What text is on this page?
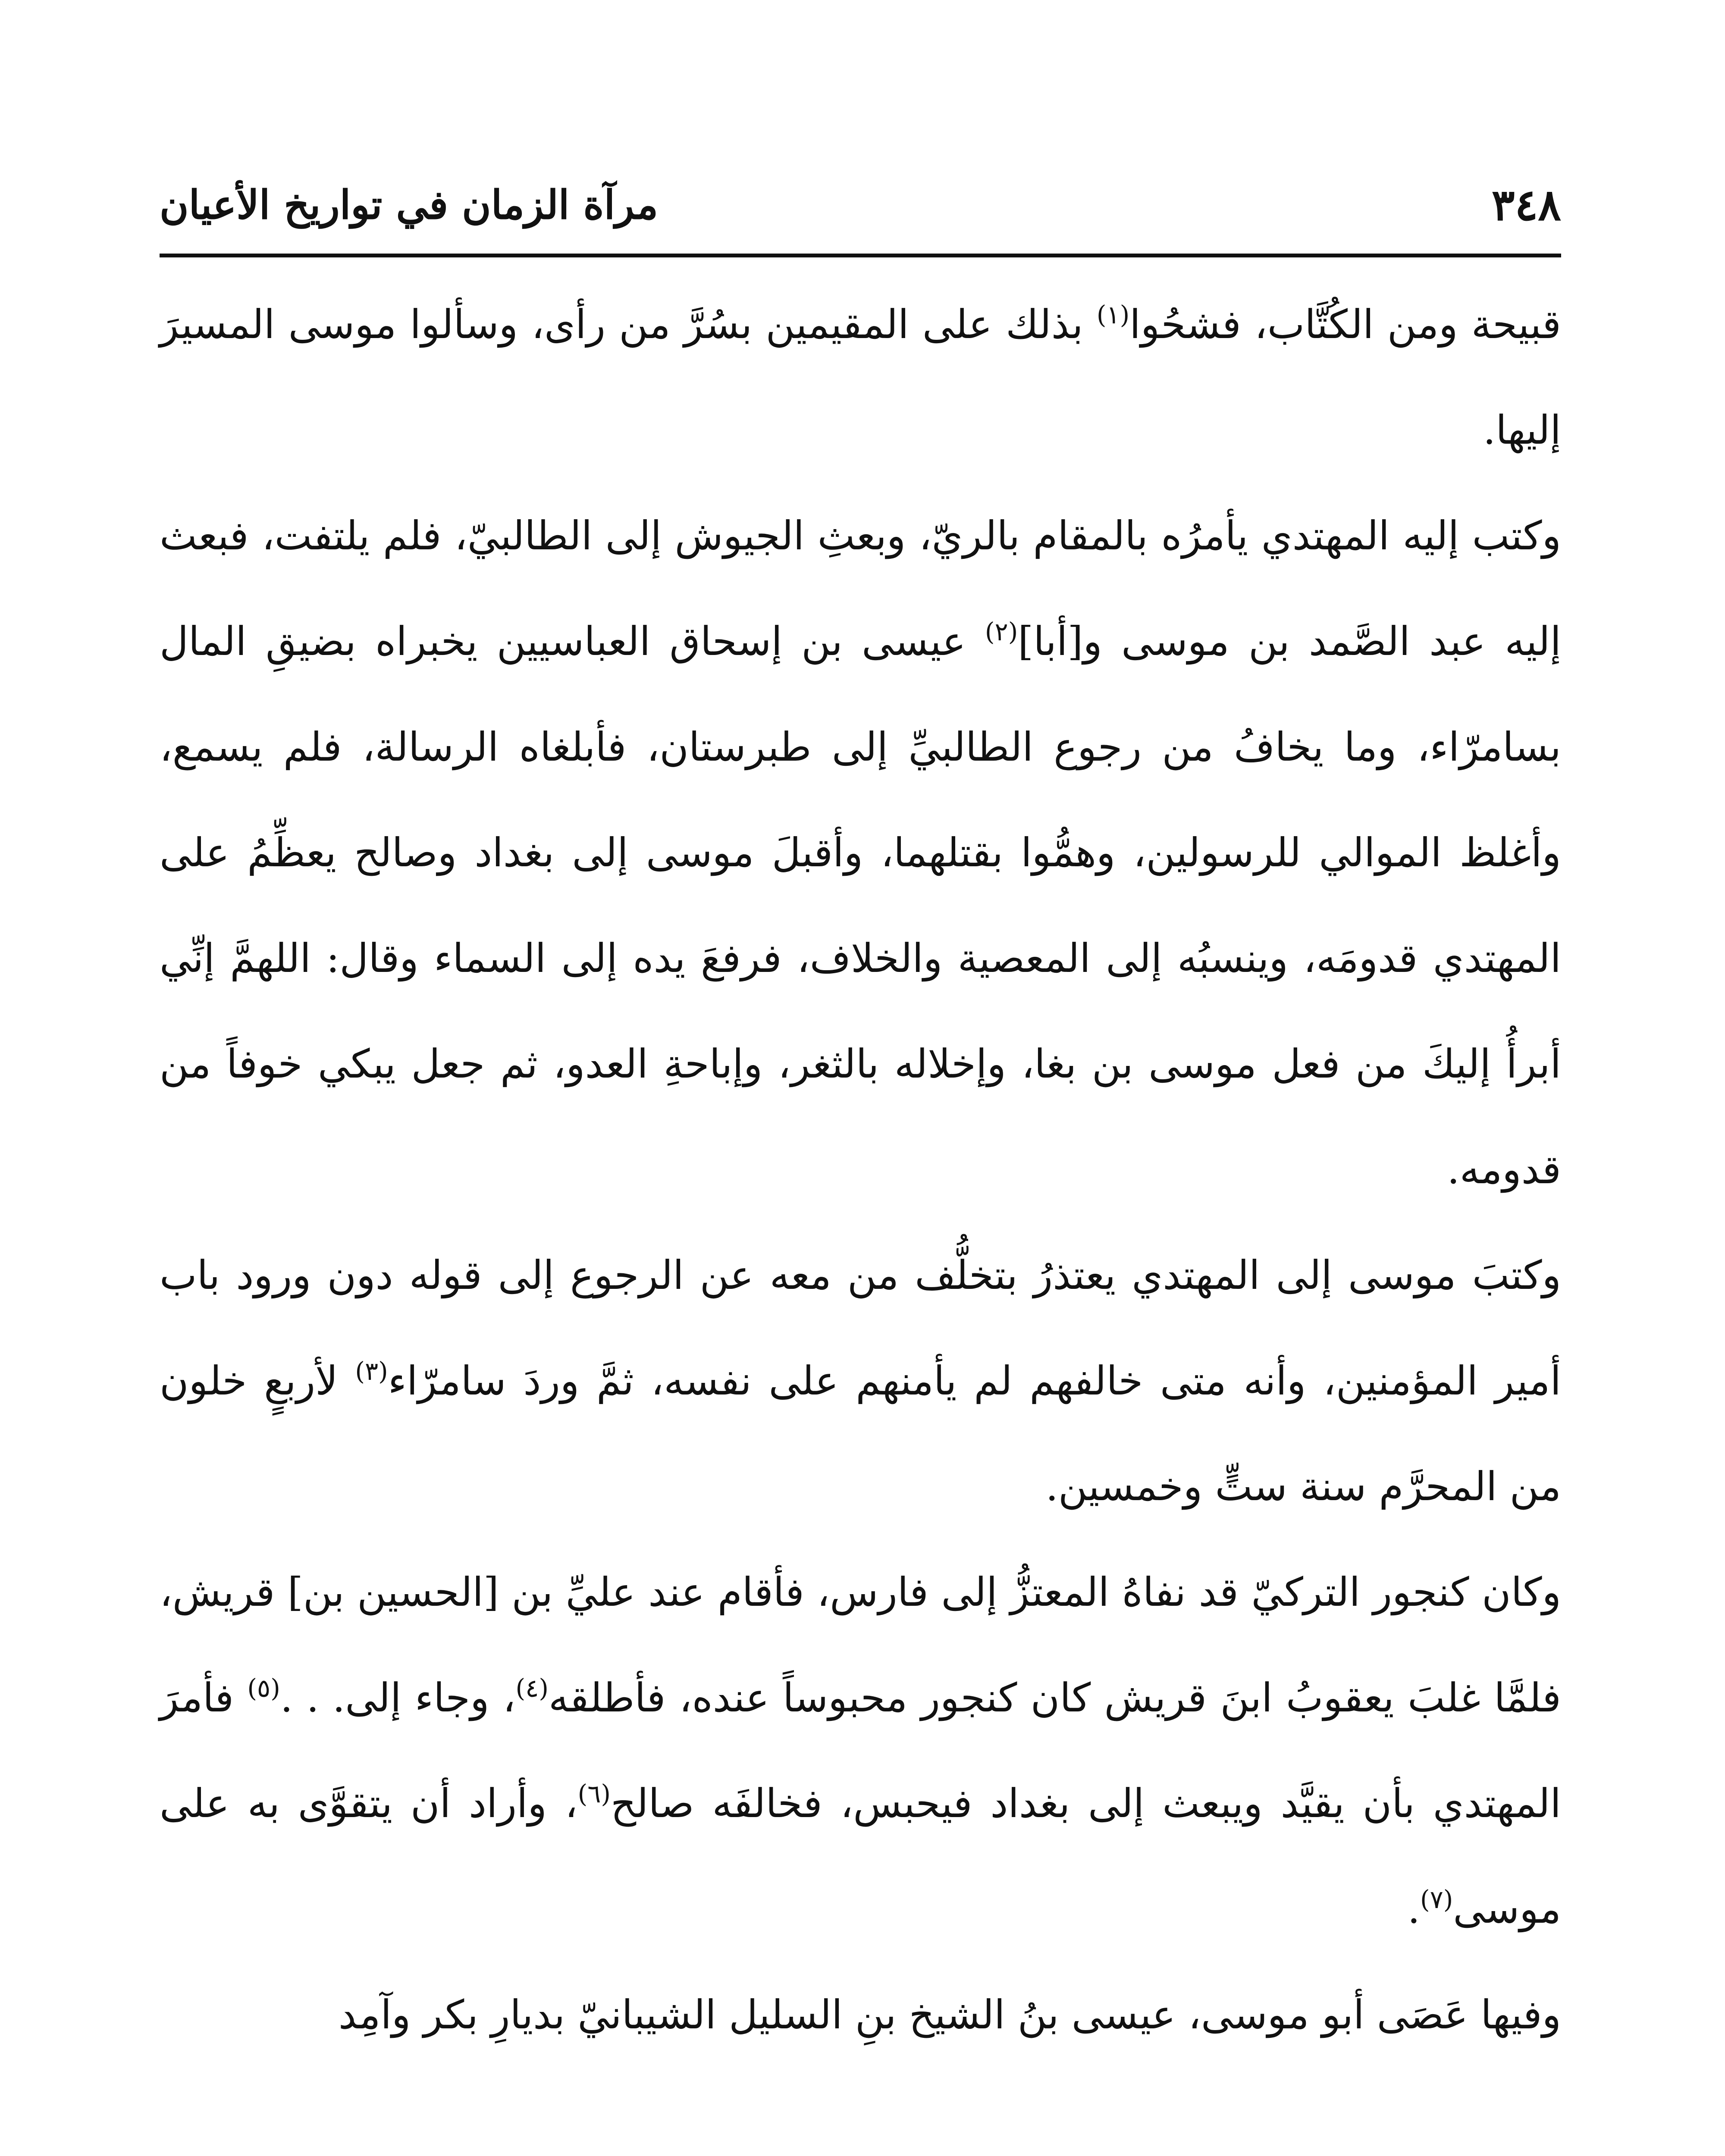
٣٤٨
مرآة الزمان في تواريخ الأعيان

قبيحة ومن الكُتَّاب، فشحُوا$^{(١)}$ بذلك على المقيمين بسُرَّ من رأى، وسألوا موسى المسيرَ إليها.

وكتب إليه المهتدي يأمرُه بالمقام بالريّ، وبعثِ الجيوش إلى الطالبيّ، فلم يلتفت، فبعث إليه عبد الصَّمد بن موسى و[أبا]$^{(٢)}$ عيسى بن إسحاق العباسيين يخبراه بضيقِ المال بسامرّاء، وما يخافُ من رجوع الطالبيِّ إلى طبرستان، فأبلغاه الرسالة، فلم يسمع، وأغلظ الموالي للرسولين، وهمُّوا بقتلهما، وأقبلَ موسى إلى بغداد وصالح يعظِّمُ على المهتدي قدومَه، وينسبُه إلى المعصية والخلاف، فرفعَ يده إلى السماء وقال: اللهمَّ إنِّي أبرأُ إليكَ من فعل موسى بن بغا، وإخلاله بالثغر، وإباحةِ العدو، ثم جعل يبكي خوفاً من قدومه.

وكتبَ موسى إلى المهتدي يعتذرُ بتخلُّف من معه عن الرجوع إلى قوله دون ورود باب أمير المؤمنين، وأنه متى خالفهم لم يأمنهم على نفسه، ثمَّ وردَ سامرّاء$^{(٣)}$ لأربعٍ خلون من المحرَّم سنة ستٍّ وخمسين.

وكان كنجور التركيّ قد نفاهُ المعتزُّ إلى فارس، فأقام عند عليِّ بن [الحسين بن] قريش، فلمَّا غلبَ يعقوبُ ابنَ قريش كان كنجور محبوساً عنده، فأطلقه$^{(٤)}$، وجاء إلى. . .$^{(٥)}$ فأمرَ المهتدي بأن يقيَّد ويبعث إلى بغداد فيحبس، فخالفَه صالح$^{(٦)}$، وأراد أن يتقوَّى به على موسى$^{(٧)}$.

وفيها عَصَى أبو موسى، عيسى بنُ الشيخ بنِ السليل الشيبانيّ بديارِ بكر وآمِد
